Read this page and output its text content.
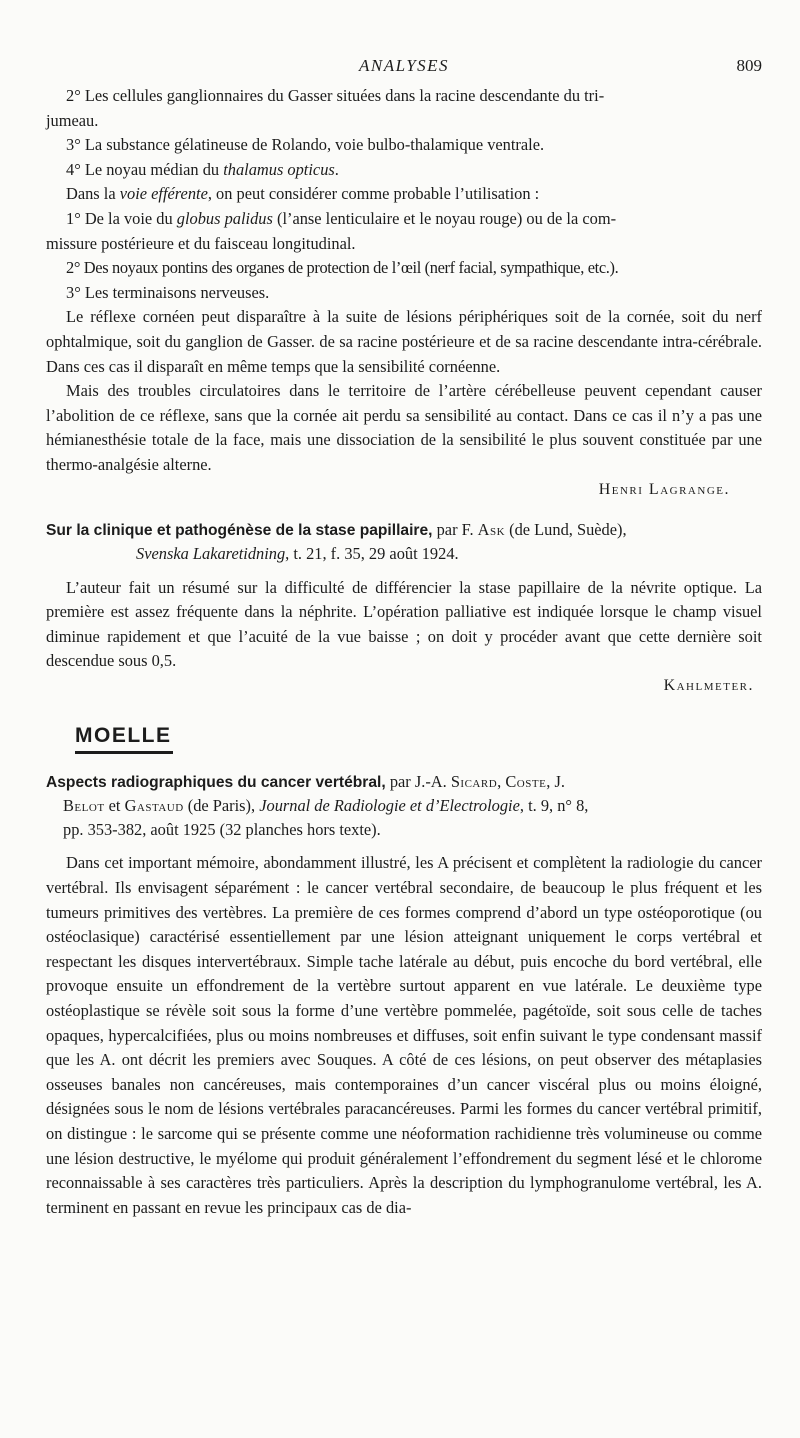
ANALYSES	809

2° Les cellules ganglionnaires du Gasser situées dans la racine descendante du tri-

jumeau.

3° La substance gélatineuse de Rolando, voie bulbo-thalamique ventrale.

4° Le noyau médian du thalamus opticus.

Dans la voie efférente, on peut considérer comme probable l’utilisation :

1° De la voie du globus palidus (l’anse lenticulaire et le noyau rouge) ou de la com-

missure postérieure et du faisceau longitudinal.

2° Des noyaux pontins des organes de protection de l’œil (nerf facial, sympathique, etc.).

3° Les terminaisons nerveuses.

Le réflexe cornéen peut disparaître à la suite de lésions périphériques soit de la cornée, soit du nerf ophtalmique, soit du ganglion de Gasser. de sa racine postérieure et de sa racine descendante intra-cérébrale. Dans ces cas il disparaît en même temps que la sensibilité cornéenne.

Mais des troubles circulatoires dans le territoire de l’artère cérébelleuse peuvent cependant causer l’abolition de ce réflexe, sans que la cornée ait perdu sa sensibilité au contact. Dans ce cas il n’y a pas une hémianesthésie totale de la face, mais une dissociation de la sensibilité le plus souvent constituée par une thermo-analgésie alterne.

Henri Lagrange.

Sur la clinique et pathogénèse de la stase papillaire, par F. Ask (de Lund, Suède),
Svenska Lakaretidning, t. 21, f. 35, 29 août 1924.

L’auteur fait un résumé sur la difficulté de différencier la stase papillaire de la névrite optique. La première est assez fréquente dans la néphrite. L’opération palliative est indiquée lorsque le champ visuel diminue rapidement et que l’acuité de la vue baisse ; on doit y procéder avant que cette dernière soit descendue sous 0,5.

Kahlmeter.

MOELLE

Aspects radiographiques du cancer vertébral, par J.-A. Sicard, Coste, J.
Belot et Gastaud (de Paris), Journal de Radiologie et d’Electrologie, t. 9, n° 8,
pp. 353-382, août 1925 (32 planches hors texte).

Dans cet important mémoire, abondamment illustré, les A précisent et complètent la radiologie du cancer vertébral. Ils envisagent séparément : le cancer vertébral secondaire, de beaucoup le plus fréquent et les tumeurs primitives des vertèbres. La première de ces formes comprend d’abord un type ostéoporotique (ou ostéoclasique) caractérisé essentiellement par une lésion atteignant uniquement le corps vertébral et respectant les disques intervertébraux. Simple tache latérale au début, puis encoche du bord vertébral, elle provoque ensuite un effondrement de la vertèbre surtout apparent en vue latérale. Le deuxième type ostéoplastique se révèle soit sous la forme d’une vertèbre pommelée, pagétoïde, soit sous celle de taches opaques, hypercalcifiées, plus ou moins nombreuses et diffuses, soit enfin suivant le type condensant massif que les A. ont décrit les premiers avec Souques. A côté de ces lésions, on peut observer des métaplasies osseuses banales non cancéreuses, mais contemporaines d’un cancer viscéral plus ou moins éloigné, désignées sous le nom de lésions vertébrales paracancéreuses. Parmi les formes du cancer vertébral primitif, on distingue : le sarcome qui se présente comme une néoformation rachidienne très volumineuse ou comme une lésion destructive, le myélome qui produit généralement l’effondrement du segment lésé et le chlorome reconnaissable à ses caractères très particuliers. Après la description du lymphogranulome vertébral, les A. terminent en passant en revue les principaux cas de dia-
